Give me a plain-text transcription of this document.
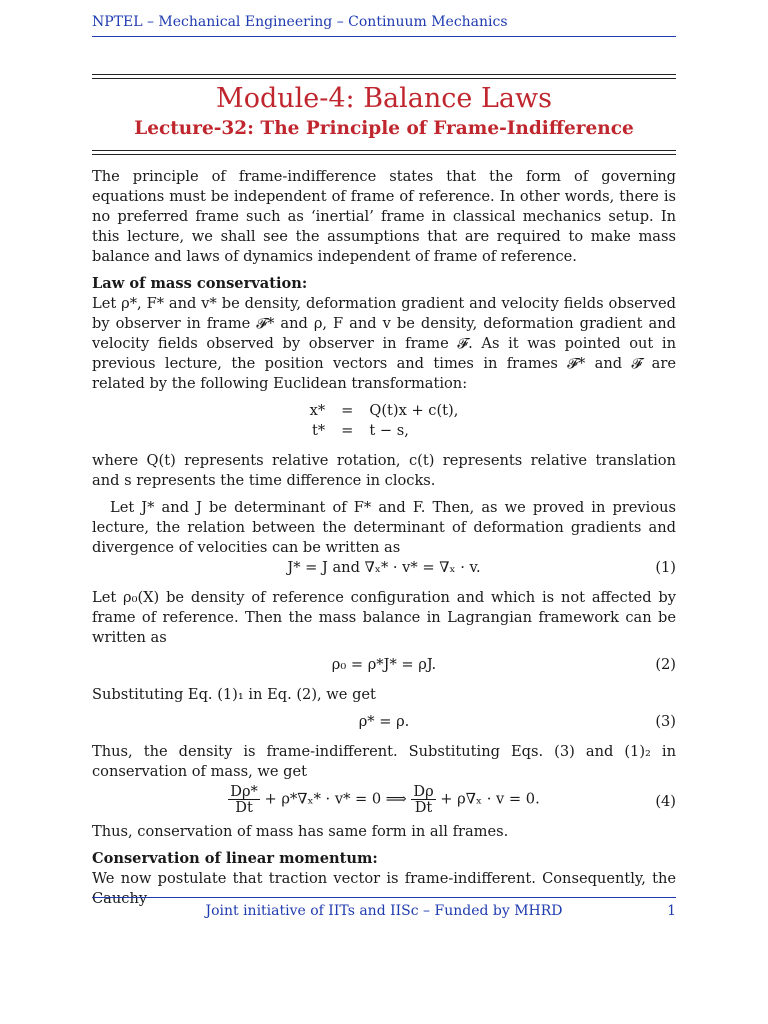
NPTEL – Mechanical Engineering – Continuum Mechanics
Module-4: Balance Laws
Lecture-32: The Principle of Frame-Indifference

The principle of frame-indifference states that the form of governing equations must be independent of frame of reference. In other words, there is no preferred frame such as ‘inertial’ frame in classical mechanics setup. In this lecture, we shall see the assumptions that are required to make mass balance and laws of dynamics independent of frame of reference.

Law of mass conservation:

Let ρ*, F* and v* be density, deformation gradient and velocity fields observed by observer in frame 𝓕* and ρ, F and v be density, deformation gradient and velocity fields observed by observer in frame 𝓕. As it was pointed out in previous lecture, the position vectors and times in frames 𝓕* and 𝓕 are related by the following Euclidean transformation:

x*	=	Q(t)x + c(t),
t*	=	t − s,

where Q(t) represents relative rotation, c(t) represents relative translation and s represents the time difference in clocks.

Let J* and J be determinant of F* and F. Then, as we proved in previous lecture, the relation between the determinant of deformation gradients and divergence of velocities can be written as

J* = J and ∇ₓ* · v* = ∇ₓ · v.	(1)

Let ρ₀(X) be density of reference configuration and which is not affected by frame of reference. Then the mass balance in Lagrangian framework can be written as

ρ₀ = ρ*J* = ρJ.	(2)

Substituting Eq. (1)₁ in Eq. (2), we get

ρ* = ρ.	(3)

Thus, the density is frame-indifferent. Substituting Eqs. (3) and (1)₂ in conservation of mass, we get

$\frac{D\rho*}{Dt} + \rho*\nabla_x* \cdot v* = 0$ ⟹ $\frac{D\rho}{Dt} + \rho\nabla_x \cdot v = 0$.	(4)

Thus, conservation of mass has same form in all frames.

Conservation of linear momentum:

We now postulate that traction vector is frame-indifferent. Consequently, the Cauchy

Joint initiative of IITs and IISc – Funded by MHRD	1
